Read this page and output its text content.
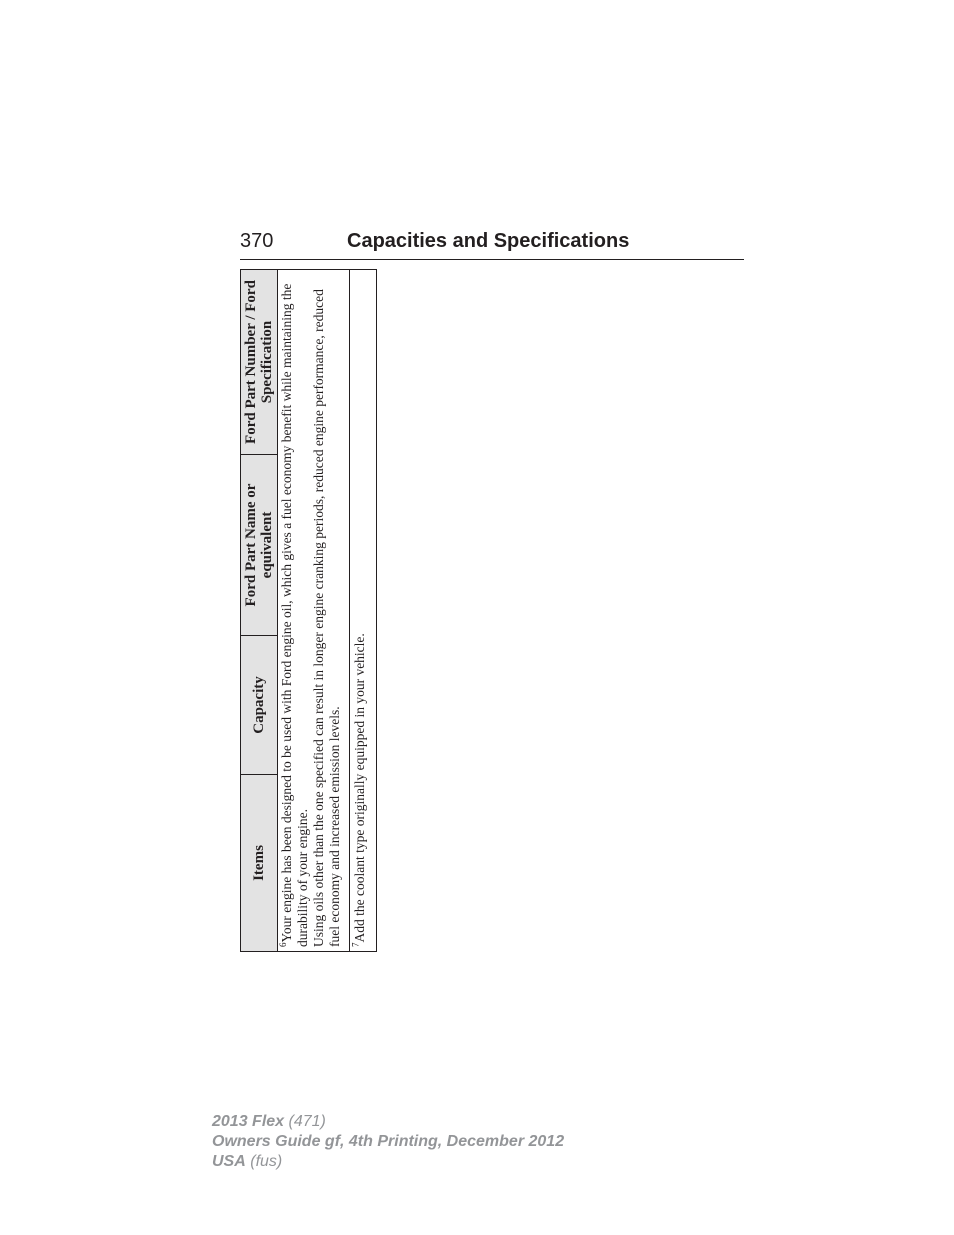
370	Capacities and Specifications
Items	Capacity	Ford Part Name or equivalent	Ford Part Number / Ford Specification

$^6$Your engine has been designed to be used with Ford engine oil, which gives a fuel economy benefit while maintaining the durability of your engine. Using oils other than the one specified can result in longer engine cranking periods, reduced engine performance, reduced fuel economy and increased emission levels.

$^7$Add the coolant type originally equipped in your vehicle.
2013 Flex (471)
Owners Guide gf, 4th Printing, December 2012
USA (fus)
